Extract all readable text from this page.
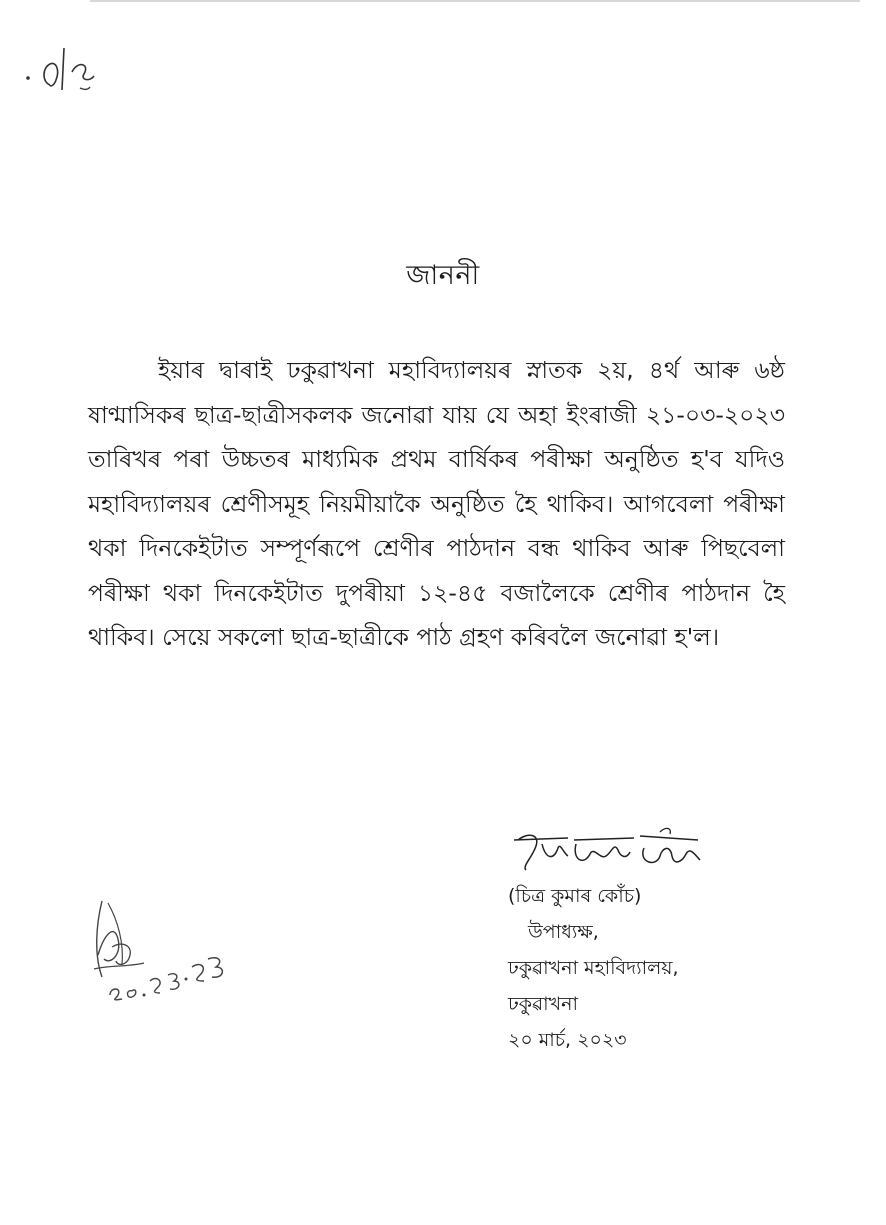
জাননী

ইয়াৰ দ্বাৰাই ঢকুৱাখনা মহাবিদ্যালয়ৰ স্নাতক ২য়, ৪ৰ্থ আৰু ৬ষ্ঠ ষাণ্মাসিকৰ ছাত্ৰ-ছাত্ৰীসকলক জনোৱা যায় যে অহা ইংৰাজী ২১-০৩-২০২৩ তাৰিখৰ পৰা উচ্চতৰ মাধ্যমিক প্ৰথম বাৰ্ষিকৰ পৰীক্ষা অনুষ্ঠিত হ'ব যদিও মহাবিদ্যালয়ৰ শ্ৰেণীসমূহ নিয়মীয়াকৈ অনুষ্ঠিত হৈ থাকিব। আগবেলা পৰীক্ষা থকা দিনকেইটাত সম্পূৰ্ণৰূপে শ্ৰেণীৰ পাঠদান বন্ধ থাকিব আৰু পিছবেলা পৰীক্ষা থকা দিনকেইটাত দুপৰীয়া ১২-৪৫ বজালৈকে শ্ৰেণীৰ পাঠদান হৈ থাকিব। সেয়ে সকলো ছাত্ৰ-ছাত্ৰীকে পাঠ গ্ৰহণ কৰিবলৈ জনোৱা হ'ল।

(চিত্ৰ কুমাৰ কোঁচ)
উপাধ্যক্ষ,
ঢকুৱাখনা মহাবিদ্যালয়,
ঢকুৱাখনা
২০ মাৰ্চ, ২০২৩
